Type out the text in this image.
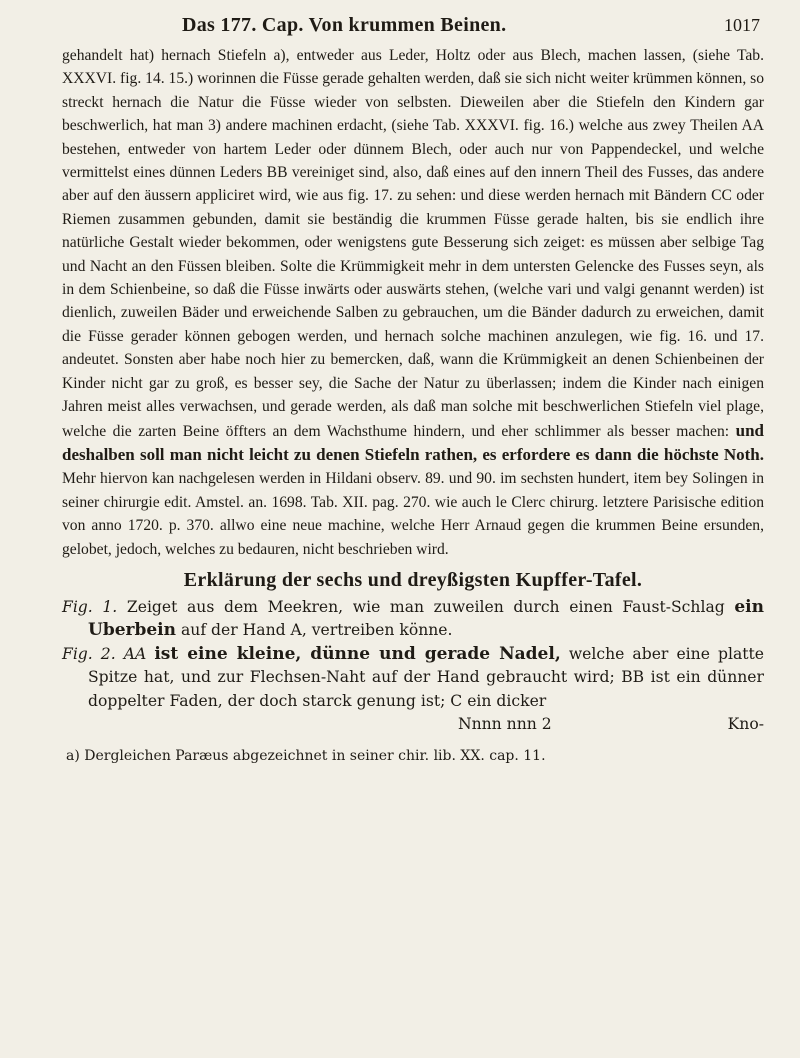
Das 177. Cap. Von krummen Beinen.	1017

gehandelt hat) hernach Stiefeln a), entweder aus Leder, Holtz oder aus Blech, machen lassen, (siehe Tab. XXXVI. fig. 14. 15.) worinnen die Füsse gerade gehalten werden, daß sie sich nicht weiter krümmen können, so streckt hernach die Natur die Füsse wieder von selbsten. Dieweilen aber die Stiefeln den Kindern gar beschwerlich, hat man 3) andere machinen erdacht, (siehe Tab. XXXVI. fig. 16.) welche aus zwey Theilen AA bestehen, entweder von hartem Leder oder dünnem Blech, oder auch nur von Pappendeckel, und welche vermittelst eines dünnen Leders BB vereiniget sind, also, daß eines auf den innern Theil des Fusses, das andere aber auf den äussern appliciret wird, wie aus fig. 17. zu sehen: und diese werden hernach mit Bändern CC oder Riemen zusammen gebunden, damit sie beständig die krummen Füsse gerade halten, bis sie endlich ihre natürliche Gestalt wieder bekommen, oder wenigstens gute Besserung sich zeiget: es müssen aber selbige Tag und Nacht an den Füssen bleiben. Solte die Krümmigkeit mehr in dem untersten Gelencke des Fusses seyn, als in dem Schienbeine, so daß die Füsse inwärts oder auswärts stehen, (welche vari und valgi genannt werden) ist dienlich, zuweilen Bäder und erweichende Salben zu gebrauchen, um die Bänder dadurch zu erweichen, damit die Füsse gerader können gebogen werden, und hernach solche machinen anzulegen, wie fig. 16. und 17. andeutet. Sonsten aber habe noch hier zu bemercken, daß, wann die Krümmigkeit an denen Schienbeinen der Kinder nicht gar zu groß, es besser sey, die Sache der Natur zu überlassen; indem die Kinder nach einigen Jahren meist alles verwachsen, und gerade werden, als daß man solche mit beschwerlichen Stiefeln viel plage, welche die zarten Beine öffters an dem Wachsthume hindern, und eher schlimmer als besser machen: und deshalben soll man nicht leicht zu denen Stiefeln rathen, es erfordere es dann die höchste Noth. Mehr hiervon kan nachgelesen werden in Hildani observ. 89. und 90. im sechsten hundert, item bey Solingen in seiner chirurgie edit. Amstel. an. 1698. Tab. XII. pag. 270. wie auch le Clerc chirurg. letztere Parisische edition von anno 1720. p. 370. allwo eine neue machine, welche Herr Arnaud gegen die krummen Beine ersunden, gelobet, jedoch, welches zu bedauren, nicht beschrieben wird.

Erklärung der sechs und dreyßigsten Kupffer-Tafel.

Fig. 1. Zeiget aus dem Meekren, wie man zuweilen durch einen Faust-Schlag ein Uberbein auf der Hand A, vertreiben könne.

Fig. 2. AA ist eine kleine, dünne und gerade Nadel, welche aber eine platte Spitze hat, und zur Flechsen-Naht auf der Hand gebraucht wird; BB ist ein dünner doppelter Faden, der doch starck genung ist; C ein dicker

Nnnn nnn 2	Kno-
a) Dergleichen Paræus abgezeichnet in seiner chir. lib. XX. cap. 11.
